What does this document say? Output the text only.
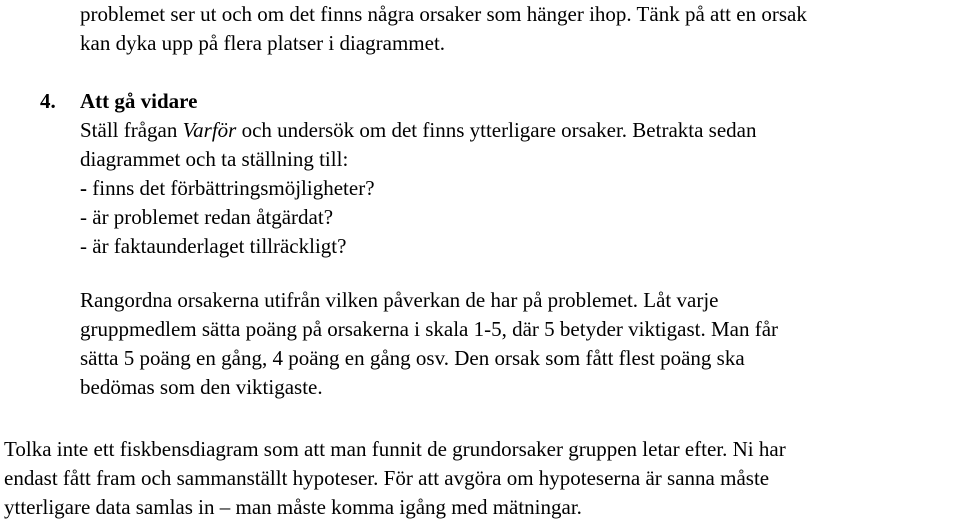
problemet ser ut och om det finns några orsaker som hänger ihop. Tänk på att en orsak

kan dyka upp på flera platser i diagrammet.

4. Att gå vidare

Ställ frågan Varför och undersök om det finns ytterligare orsaker. Betrakta sedan

diagrammet och ta ställning till:

- finns det förbättringsmöjligheter?

- är problemet redan åtgärdat?

- är faktaunderlaget tillräckligt?

Rangordna orsakerna utifrån vilken påverkan de har på problemet. Låt varje

gruppmedlem sätta poäng på orsakerna i skala 1-5, där 5 betyder viktigast. Man får

sätta 5 poäng en gång, 4 poäng en gång osv. Den orsak som fått flest poäng ska

bedömas som den viktigaste.

Tolka inte ett fiskbensdiagram som att man funnit de grundorsaker gruppen letar efter. Ni har

endast fått fram och sammanställt hypoteser. För att avgöra om hypoteserna är sanna måste

ytterligare data samlas in – man måste komma igång med mätningar.
